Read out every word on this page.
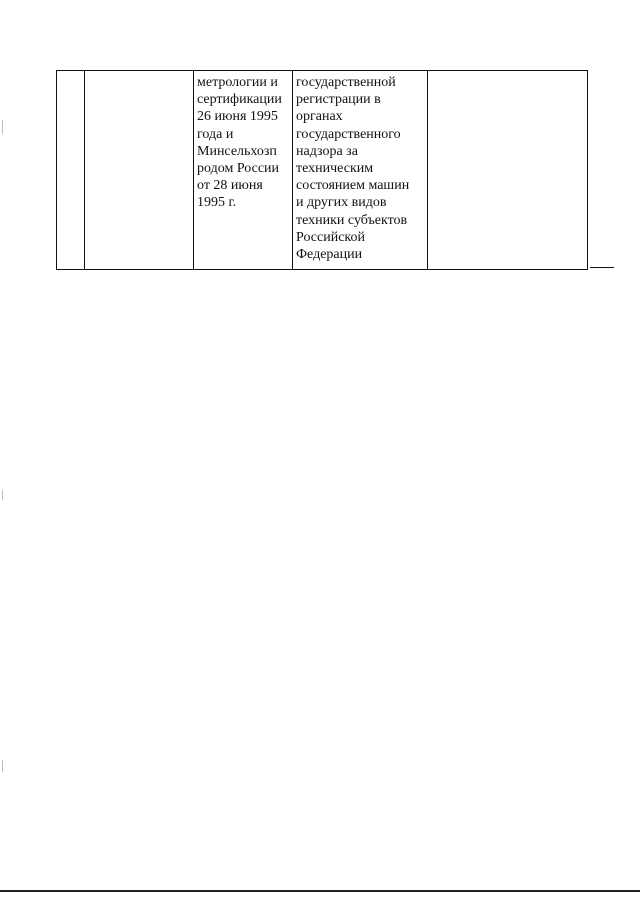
		метрологии и
сертификации
26 июня 1995
года и
Минсельхозп
родом России
от 28 июня
1995 г.	государственной
регистрации в
органах
государственного
надзора за
техническим
состоянием машин
и других видов
техники субъектов
Российской
Федерации	
